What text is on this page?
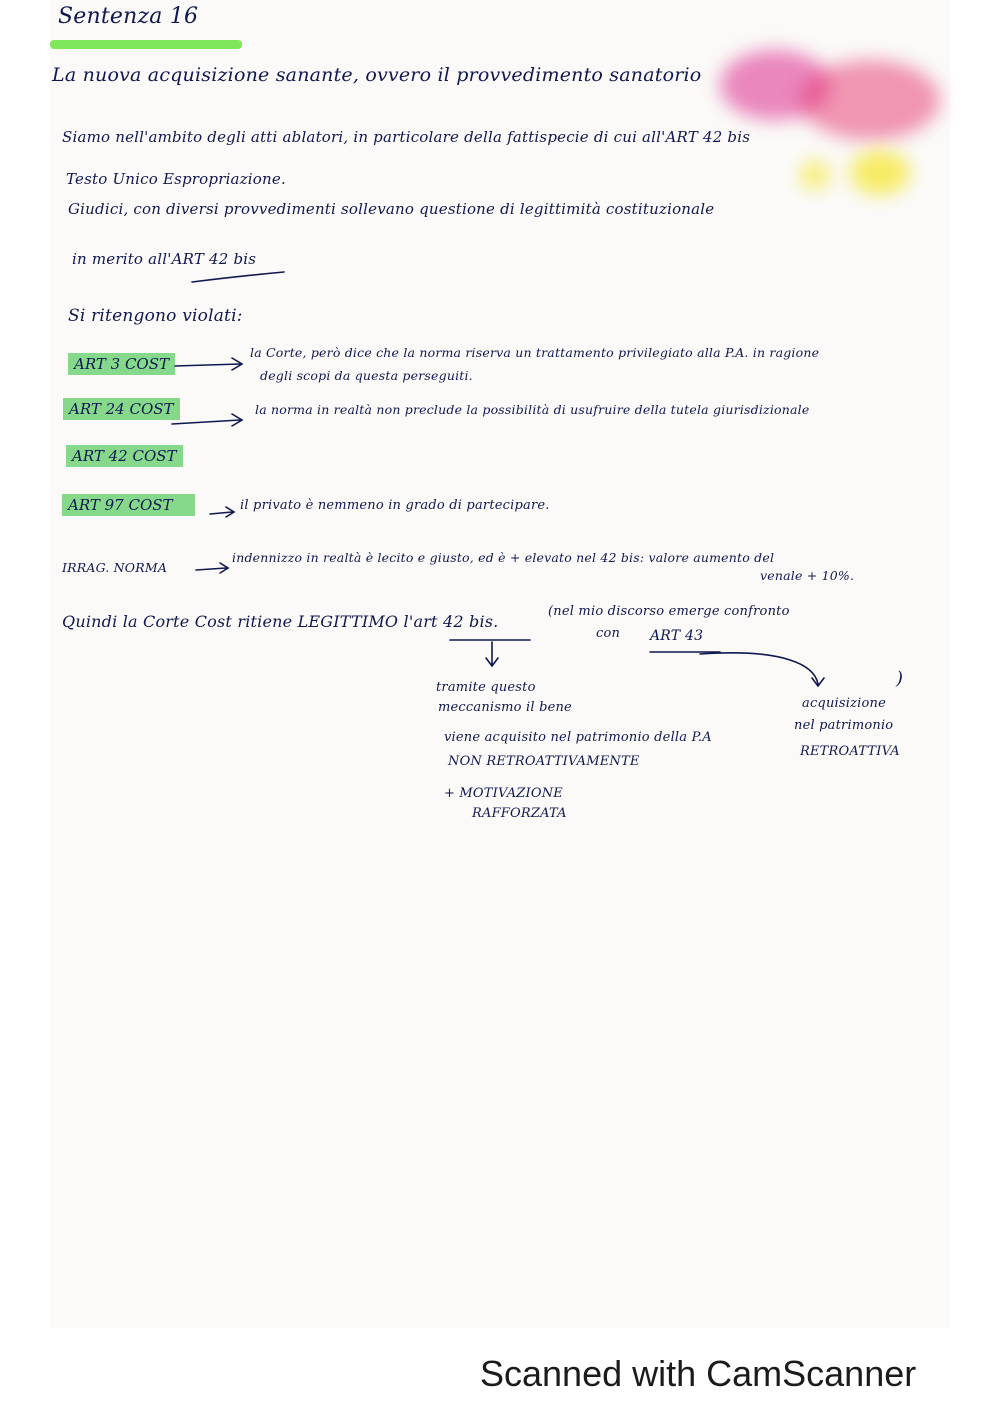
Sentenza 16
La nuova acquisizione sanante, ovvero il provvedimento sanatorio
Siamo nell'ambito degli atti ablatori, in particolare della fattispecie di cui all'ART 42 bis
Testo Unico Espropriazione.
Giudici, con diversi provvedimenti sollevano questione di legittimità costituzionale
in merito all'ART 42 bis
Si ritengono violati:
ART 3 COST
la Corte, però dice che la norma riserva un trattamento privilegiato alla P.A. in ragione
degli scopi da questa perseguiti.
ART 24 COST	la norma in realtà non preclude la possibilità di usufruire della tutela giurisdizionale
ART 42 COST
ART 97 COST	il privato è nemmeno in grado di partecipare.
IRRAG. NORMA
indennizzo in realtà è lecito e giusto, ed è + elevato nel 42 bis: valore aumento del
venale + 10%.
Quindi la Corte Cost ritiene LEGITTIMO l'art 42 bis.
(nel mio discorso emerge confronto
con ART 43
)
tramite questo
meccanismo il bene
viene acquisito nel patrimonio della P.A
NON RETROATTIVAMENTE
+ MOTIVAZIONE
RAFFORZATA
acquisizione
nel patrimonio
RETROATTIVA
Scanned with CamScanner
